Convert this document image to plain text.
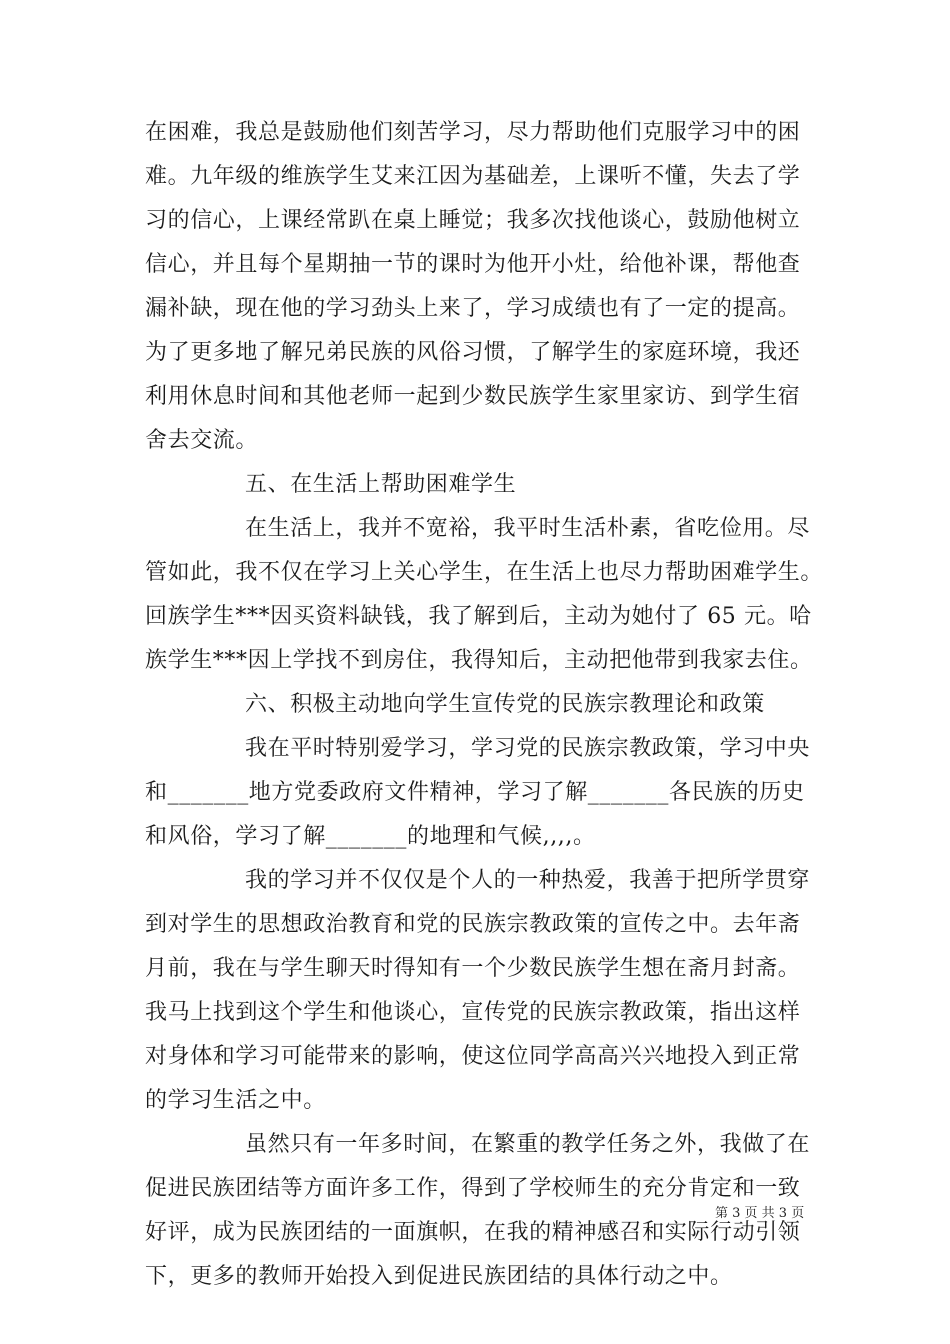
在困难，我总是鼓励他们刻苦学习，尽力帮助他们克服学习中的困
难。九年级的维族学生艾来江因为基础差，上课听不懂，失去了学
习的信心，上课经常趴在桌上睡觉；我多次找他谈心，鼓励他树立
信心，并且每个星期抽一节的课时为他开小灶，给他补课，帮他查
漏补缺，现在他的学习劲头上来了，学习成绩也有了一定的提高。
为了更多地了解兄弟民族的风俗习惯，了解学生的家庭环境，我还
利用休息时间和其他老师一起到少数民族学生家里家访、到学生宿
舍去交流。
五、在生活上帮助困难学生
在生活上，我并不宽裕，我平时生活朴素，省吃俭用。尽
管如此，我不仅在学习上关心学生，在生活上也尽力帮助困难学生。
回族学生***因买资料缺钱，我了解到后，主动为她付了 65 元。哈
族学生***因上学找不到房住，我得知后，主动把他带到我家去住。
六、积极主动地向学生宣传党的民族宗教理论和政策
我在平时特别爱学习，学习党的民族宗教政策，学习中央
和_______地方党委政府文件精神，学习了解_______各民族的历史
和风俗，学习了解_______的地理和气候,,,,。
我的学习并不仅仅是个人的一种热爱，我善于把所学贯穿
到对学生的思想政治教育和党的民族宗教政策的宣传之中。去年斋
月前，我在与学生聊天时得知有一个少数民族学生想在斋月封斋。
我马上找到这个学生和他谈心，宣传党的民族宗教政策，指出这样
对身体和学习可能带来的影响，使这位同学高高兴兴地投入到正常
的学习生活之中。
虽然只有一年多时间，在繁重的教学任务之外，我做了在
促进民族团结等方面许多工作，得到了学校师生的充分肯定和一致
好评，成为民族团结的一面旗帜，在我的精神感召和实际行动引领
下，更多的教师开始投入到促进民族团结的具体行动之中。
第 3 页 共 3 页
